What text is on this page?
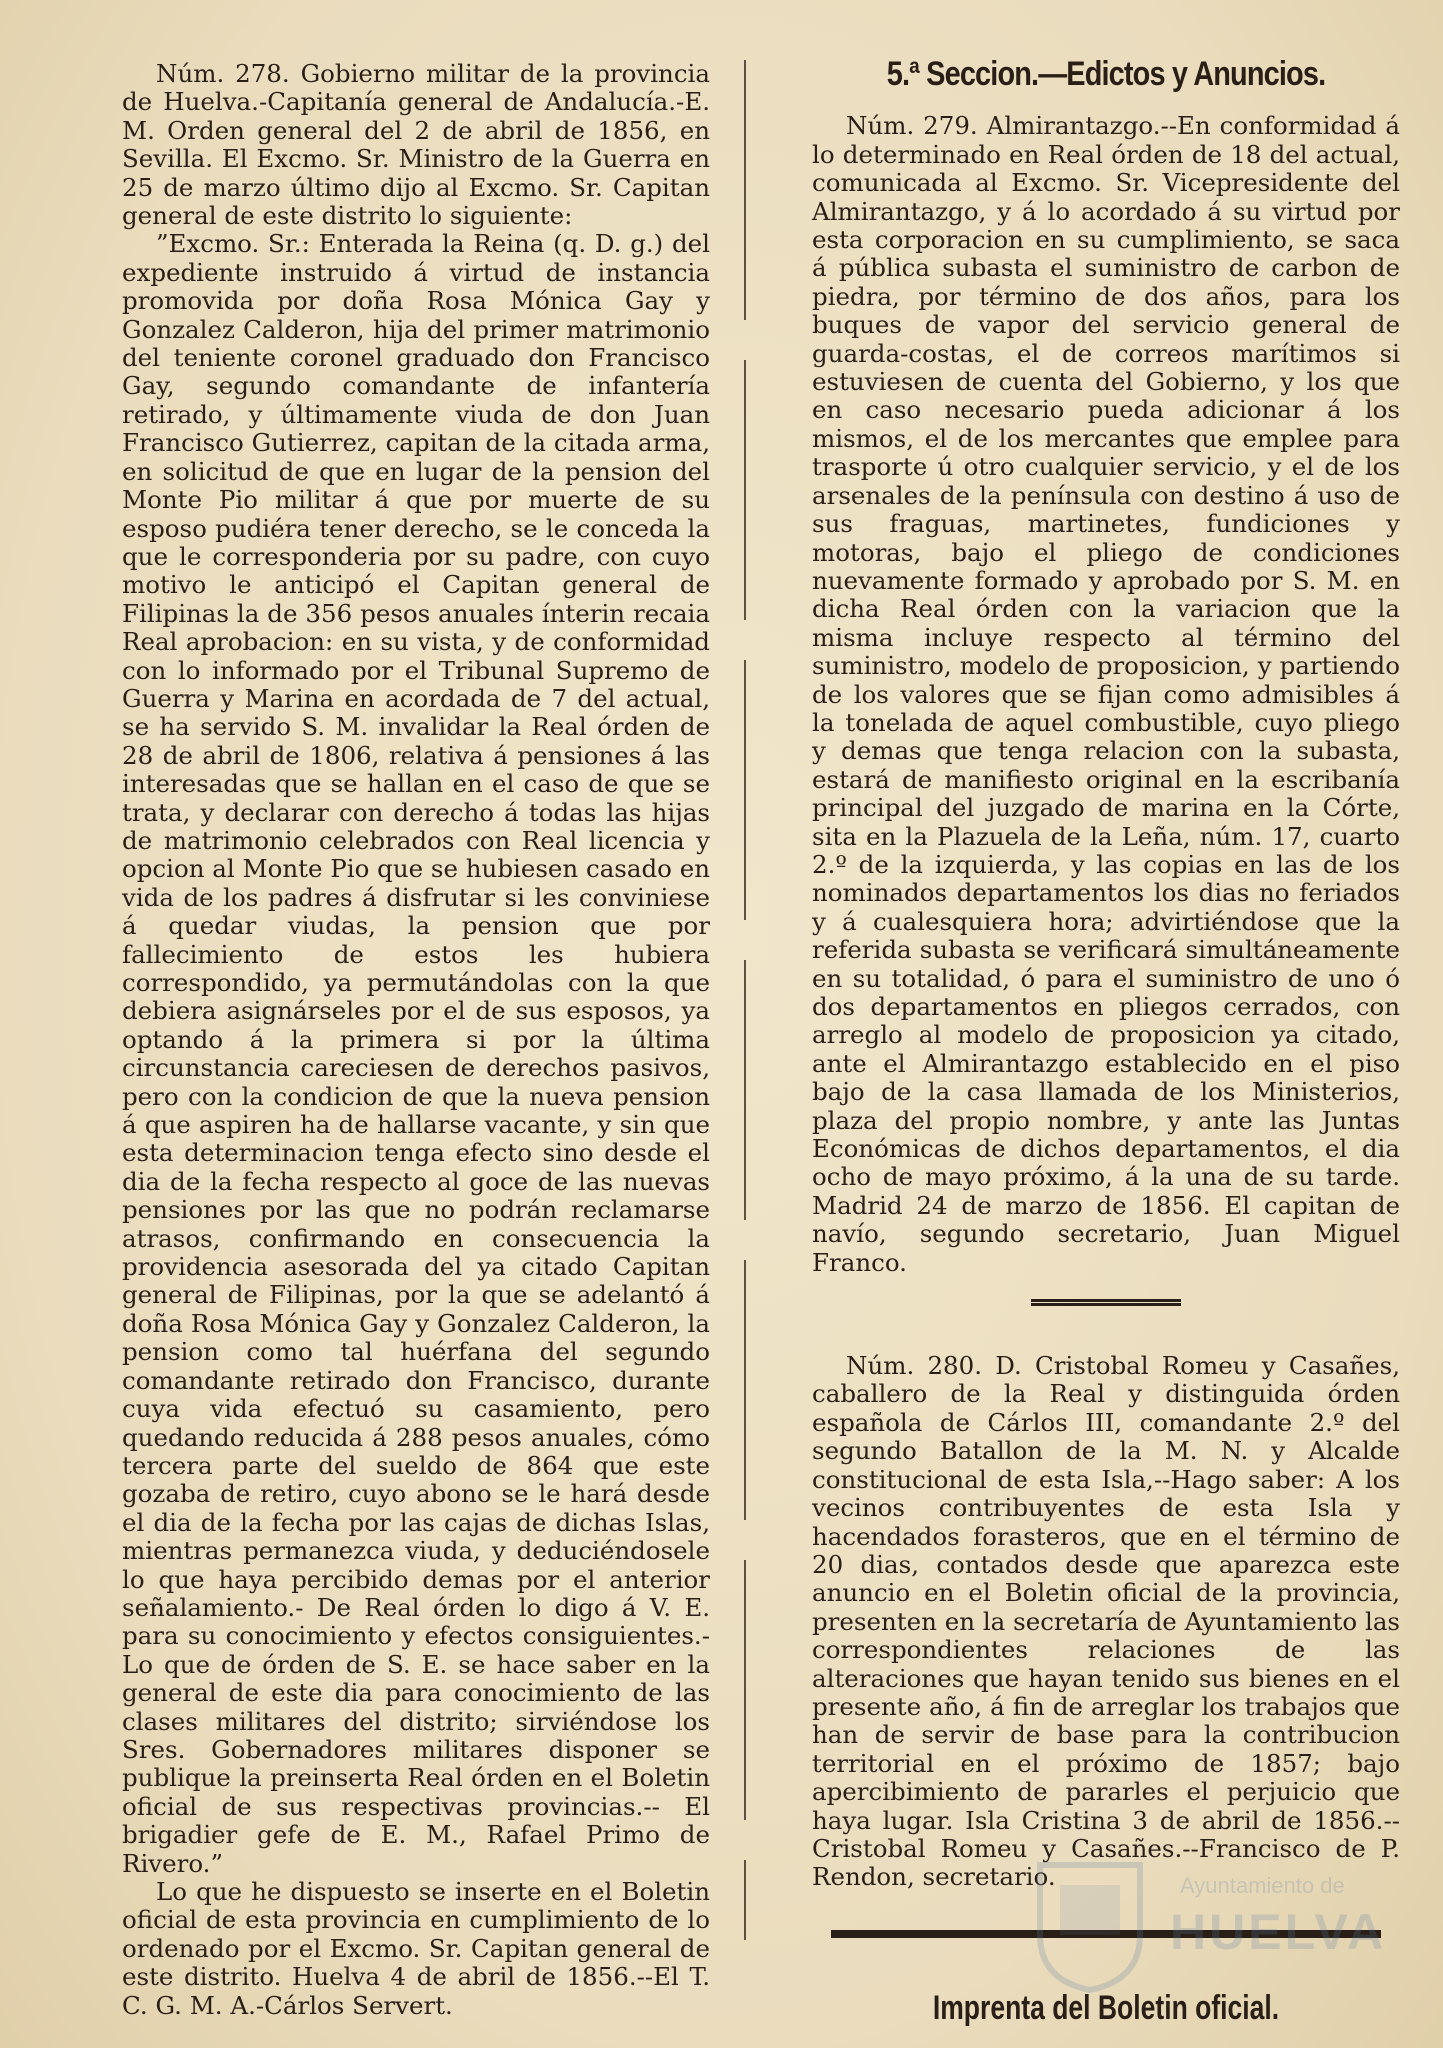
Núm. 278. Gobierno militar de la provincia de Huelva.-Capitanía general de Andalucía.-E. M. Orden general del 2 de abril de 1856, en Sevilla. El Excmo. Sr. Ministro de la Guerra en 25 de marzo último dijo al Excmo. Sr. Capitan general de este distrito lo siguiente:

”Excmo. Sr.: Enterada la Reina (q. D. g.) del expediente instruido á virtud de instancia promovida por doña Rosa Mónica Gay y Gonzalez Calderon, hija del primer matrimonio del teniente coronel graduado don Francisco Gay, segundo comandante de infantería retirado, y últimamente viuda de don Juan Francisco Gutierrez, capitan de la citada arma, en solicitud de que en lugar de la pension del Monte Pio militar á que por muerte de su esposo pudiéra tener derecho, se le conceda la que le corresponderia por su padre, con cuyo motivo le anticipó el Capitan general de Filipinas la de 356 pesos anuales ínterin recaia Real aprobacion: en su vista, y de conformidad con lo informado por el Tribunal Supremo de Guerra y Marina en acordada de 7 del actual, se ha servido S. M. invalidar la Real órden de 28 de abril de 1806, relativa á pensiones á las interesadas que se hallan en el caso de que se trata, y declarar con derecho á todas las hijas de matrimonio celebrados con Real licencia y opcion al Monte Pio que se hubiesen casado en vida de los padres á disfrutar si les conviniese á quedar viudas, la pension que por fallecimiento de estos les hubiera correspondido, ya permutándolas con la que debiera asignárseles por el de sus esposos, ya optando á la primera si por la última circunstancia careciesen de derechos pasivos, pero con la condicion de que la nueva pension á que aspiren ha de hallarse vacante, y sin que esta determinacion tenga efecto sino desde el dia de la fecha respecto al goce de las nuevas pensiones por las que no podrán reclamarse atrasos, confirmando en consecuencia la providencia asesorada del ya citado Capitan general de Filipinas, por la que se adelantó á doña Rosa Mónica Gay y Gonzalez Calderon, la pension como tal huérfana del segundo comandante retirado don Francisco, durante cuya vida efectuó su casamiento, pero quedando reducida á 288 pesos anuales, cómo tercera parte del sueldo de 864 que este gozaba de retiro, cuyo abono se le hará desde el dia de la fecha por las cajas de dichas Islas, mientras permanezca viuda, y deduciéndosele lo que haya percibido demas por el anterior señalamiento.- De Real órden lo digo á V. E. para su conocimiento y efectos consiguientes.-Lo que de órden de S. E. se hace saber en la general de este dia para conocimiento de las clases militares del distrito; sirviéndose los Sres. Gobernadores militares disponer se publique la preinserta Real órden en el Boletin oficial de sus respectivas provincias.-- El brigadier gefe de E. M., Rafael Primo de Rivero.”

Lo que he dispuesto se inserte en el Boletin oficial de esta provincia en cumplimiento de lo ordenado por el Excmo. Sr. Capitan general de este distrito. Huelva 4 de abril de 1856.--El T. C. G. M. A.-Cárlos Servert.

5.ª Seccion.—Edictos y Anuncios.

Núm. 279. Almirantazgo.--En conformidad á lo determinado en Real órden de 18 del actual, comunicada al Excmo. Sr. Vicepresidente del Almirantazgo, y á lo acordado á su virtud por esta corporacion en su cumplimiento, se saca á pública subasta el suministro de carbon de piedra, por término de dos años, para los buques de vapor del servicio general de guarda-costas, el de correos marítimos si estuviesen de cuenta del Gobierno, y los que en caso necesario pueda adicionar á los mismos, el de los mercantes que emplee para trasporte ú otro cualquier servicio, y el de los arsenales de la península con destino á uso de sus fraguas, martinetes, fundiciones y motoras, bajo el pliego de condiciones nuevamente formado y aprobado por S. M. en dicha Real órden con la variacion que la misma incluye respecto al término del suministro, modelo de proposicion, y partiendo de los valores que se fijan como admisibles á la tonelada de aquel combustible, cuyo pliego y demas que tenga relacion con la subasta, estará de manifiesto original en la escribanía principal del juzgado de marina en la Córte, sita en la Plazuela de la Leña, núm. 17, cuarto 2.º de la izquierda, y las copias en las de los nominados departamentos los dias no feriados y á cualesquiera hora; advirtiéndose que la referida subasta se verificará simultáneamente en su totalidad, ó para el suministro de uno ó dos departamentos en pliegos cerrados, con arreglo al modelo de proposicion ya citado, ante el Almirantazgo establecido en el piso bajo de la casa llamada de los Ministerios, plaza del propio nombre, y ante las Juntas Económicas de dichos departamentos, el dia ocho de mayo próximo, á la una de su tarde. Madrid 24 de marzo de 1856. El capitan de navío, segundo secretario, Juan Miguel Franco.

Núm. 280. D. Cristobal Romeu y Casañes, caballero de la Real y distinguida órden española de Cárlos III, comandante 2.º del segundo Batallon de la M. N. y Alcalde constitucional de esta Isla,--Hago saber: A los vecinos contribuyentes de esta Isla y hacendados forasteros, que en el término de 20 dias, contados desde que aparezca este anuncio en el Boletin oficial de la provincia, presenten en la secretaría de Ayuntamiento las correspondientes relaciones de las alteraciones que hayan tenido sus bienes en el presente año, á fin de arreglar los trabajos que han de servir de base para la contribucion territorial en el próximo de 1857; bajo apercibimiento de pararles el perjuicio que haya lugar. Isla Cristina 3 de abril de 1856.--Cristobal Romeu y Casañes.--Francisco de P. Rendon, secretario.

Imprenta del Boletin oficial.

Ayuntamiento de
HUELVA
